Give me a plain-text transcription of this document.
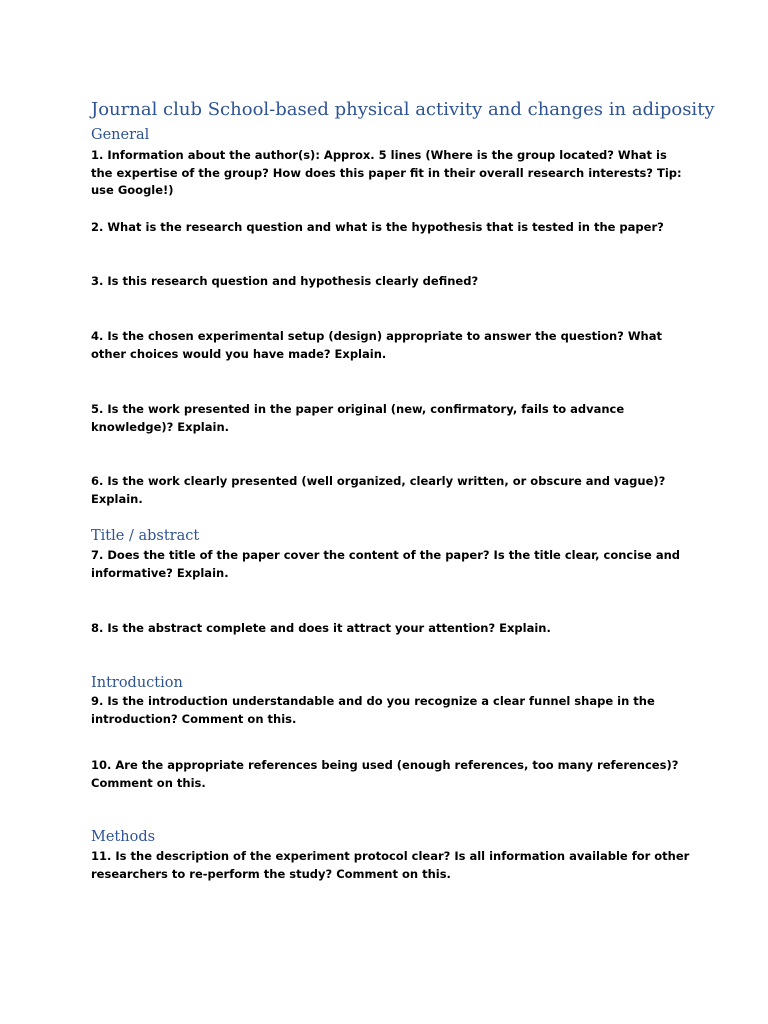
Journal club School-based physical activity and changes in adiposity
General

1. Information about the author(s): Approx. 5 lines (Where is the group located? What is the expertise of the group? How does this paper fit in their overall research interests? Tip: use Google!)

2. What is the research question and what is the hypothesis that is tested in the paper?

3. Is this research question and hypothesis clearly defined?

4. Is the chosen experimental setup (design) appropriate to answer the question? What other choices would you have made? Explain.

5. Is the work presented in the paper original (new, confirmatory, fails to advance knowledge)? Explain.

6. Is the work clearly presented (well organized, clearly written, or obscure and vague)? Explain.

Title / abstract

7. Does the title of the paper cover the content of the paper? Is the title clear, concise and informative? Explain.

8. Is the abstract complete and does it attract your attention? Explain.

Introduction

9. Is the introduction understandable and do you recognize a clear funnel shape in the introduction? Comment on this.

10. Are the appropriate references being used (enough references, too many references)? Comment on this.

Methods

11. Is the description of the experiment protocol clear? Is all information available for other researchers to re-perform the study? Comment on this.
